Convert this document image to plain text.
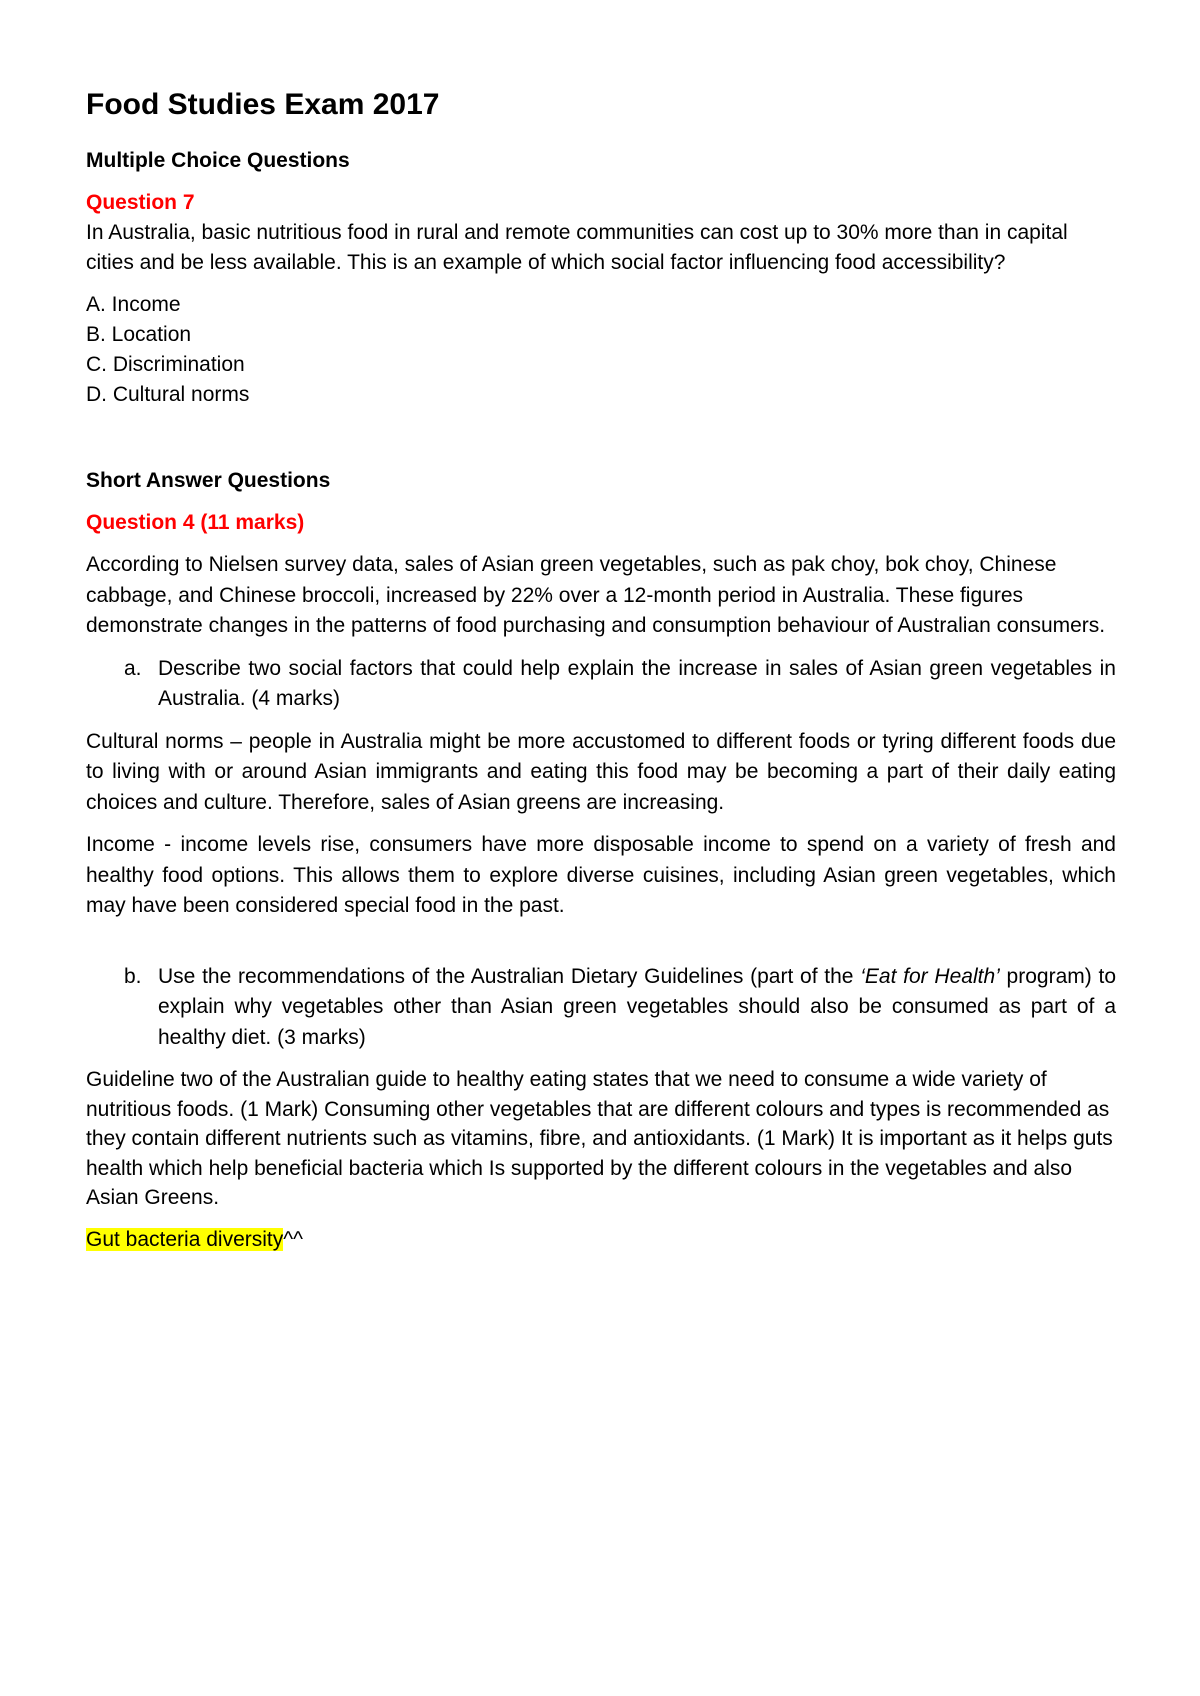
Food Studies Exam 2017
Multiple Choice Questions
Question 7

In Australia, basic nutritious food in rural and remote communities can cost up to 30% more than in capital cities and be less available. This is an example of which social factor influencing food accessibility?

A. Income
B. Location
C. Discrimination
D. Cultural norms
Short Answer Questions
Question 4 (11 marks)

According to Nielsen survey data, sales of Asian green vegetables, such as pak choy, bok choy, Chinese cabbage, and Chinese broccoli, increased by 22% over a 12-month period in Australia. These figures demonstrate changes in the patterns of food purchasing and consumption behaviour of Australian consumers.

a. Describe two social factors that could help explain the increase in sales of Asian green vegetables in Australia. (4 marks)

Cultural norms – people in Australia might be more accustomed to different foods or tyring different foods due to living with or around Asian immigrants and eating this food may be becoming a part of their daily eating choices and culture. Therefore, sales of Asian greens are increasing.

Income - income levels rise, consumers have more disposable income to spend on a variety of fresh and healthy food options. This allows them to explore diverse cuisines, including Asian green vegetables, which may have been considered special food in the past.

b. Use the recommendations of the Australian Dietary Guidelines (part of the ‘Eat for Health’ program) to explain why vegetables other than Asian green vegetables should also be consumed as part of a healthy diet. (3 marks)

Guideline two of the Australian guide to healthy eating states that we need to consume a wide variety of nutritious foods. (1 Mark) Consuming other vegetables that are different colours and types is recommended as they contain different nutrients such as vitamins, fibre, and antioxidants. (1 Mark) It is important as it helps guts health which help beneficial bacteria which Is supported by the different colours in the vegetables and also Asian Greens.

Gut bacteria diversity^^
